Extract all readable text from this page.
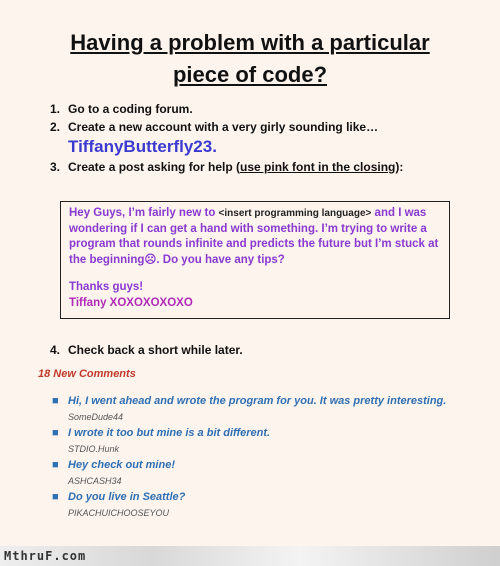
Having a problem with a particular
piece of code?
1. Go to a coding forum.
2. Create a new account with a very girly sounding like…
TiffanyButterfly23.
3. Create a post asking for help (use pink font in the closing):
Hey Guys, I’m fairly new to <insert programming language> and I was wondering if I can get a hand with something. I’m trying to write a program that rounds infinite and predicts the future but I’m stuck at the beginning☹. Do you have any tips?
Thanks guys!
Tiffany XOXOXOXOXO
4. Check back a short while later.
18 New Comments
■ Hi, I went ahead and wrote the program for you. It was pretty interesting.
SomeDude44
■ I wrote it too but mine is a bit different.
STDIO.Hunk
■ Hey check out mine!
ASHCASH34
■ Do you live in Seattle?
PIKACHUICHOOSEYOU
MthruF.com
